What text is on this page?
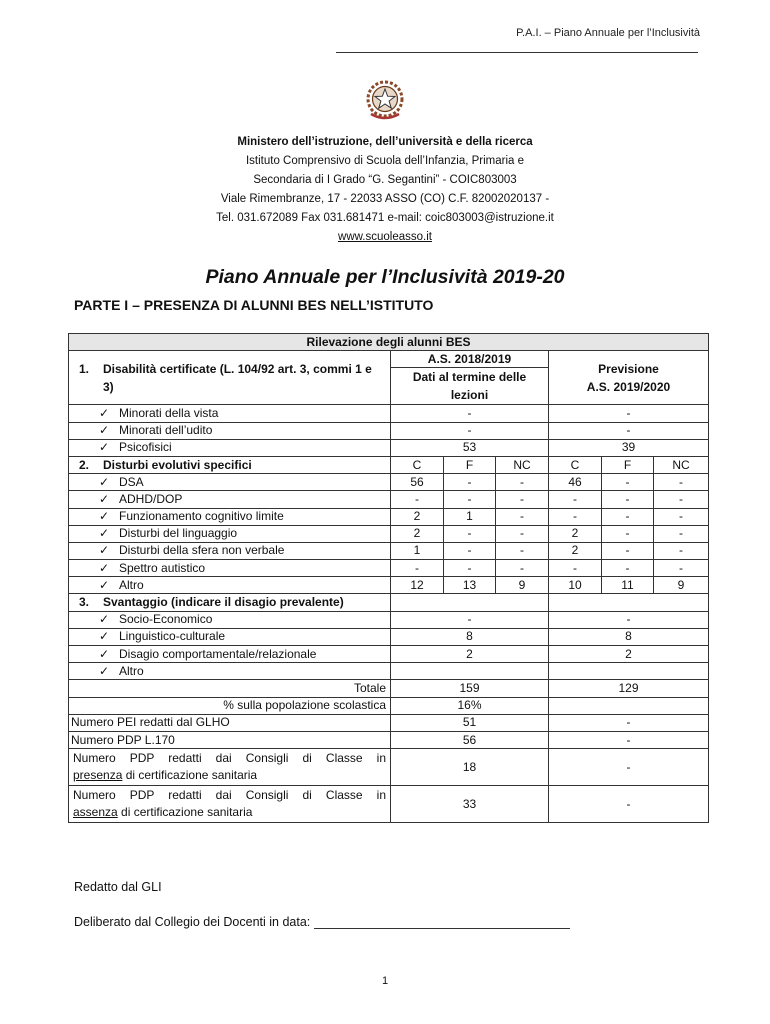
P.A.I. – Piano Annuale per l’Inclusività
Ministero dell’istruzione, dell’università e della ricerca
Istituto Comprensivo di Scuola dell’Infanzia, Primaria e
Secondaria di I Grado “G. Segantini” - COIC803003
Viale Rimembranze, 17 - 22033 ASSO (CO) C.F. 82002020137 -
Tel. 031.672089 Fax 031.681471 e-mail: coic803003@istruzione.it
www.scuoleasso.it
Piano Annuale per l’Inclusività 2019-20
PARTE I – PRESENZA DI ALUNNI BES NELL’ISTITUTO
Rilevazione degli alunni BES						
1. Disabilità certificate (L. 104/92 art. 3, commi 1 e 3)	A.S. 2018/2019			Previsione
A.S. 2019/2020		

	Dati al termine delle lezioni					

✓ Minorati della vista	-			-		
✓ Minorati dell’udito	-			-		
✓ Psicofisici	53			39		
2. Disturbi evolutivi specifici	C	F	NC	C	F	NC
✓ DSA	56	-	-	46	-	-
✓ ADHD/DOP	-	-	-	-	-	-
✓ Funzionamento cognitivo limite	2	1	-	-	-	-
✓ Disturbi del linguaggio	2	-	-	2	-	-
✓ Disturbi della sfera non verbale	1	-	-	2	-	-
✓ Spettro autistico	-	-	-	-	-	-
✓ Altro	12	13	9	10	11	9
3. Svantaggio (indicare il disagio prevalente)						
✓ Socio-Economico	-			-		
✓ Linguistico-culturale	8			8		
✓ Disagio comportamentale/relazionale	2			2		
✓ Altro						
Totale	159			129		
% sulla popolazione scolastica	16%					
Numero PEI redatti dal GLHO	51			-		
Numero PDP L.170	56			-		

Numero PDP redatti dai Consigli di Classe in
presenza di certificazione sanitaria	18			-		

Numero PDP redatti dai Consigli di Classe in
assenza di certificazione sanitaria	33			-		
Redatto dal GLI
Deliberato dal Collegio dei Docenti in data:
1
